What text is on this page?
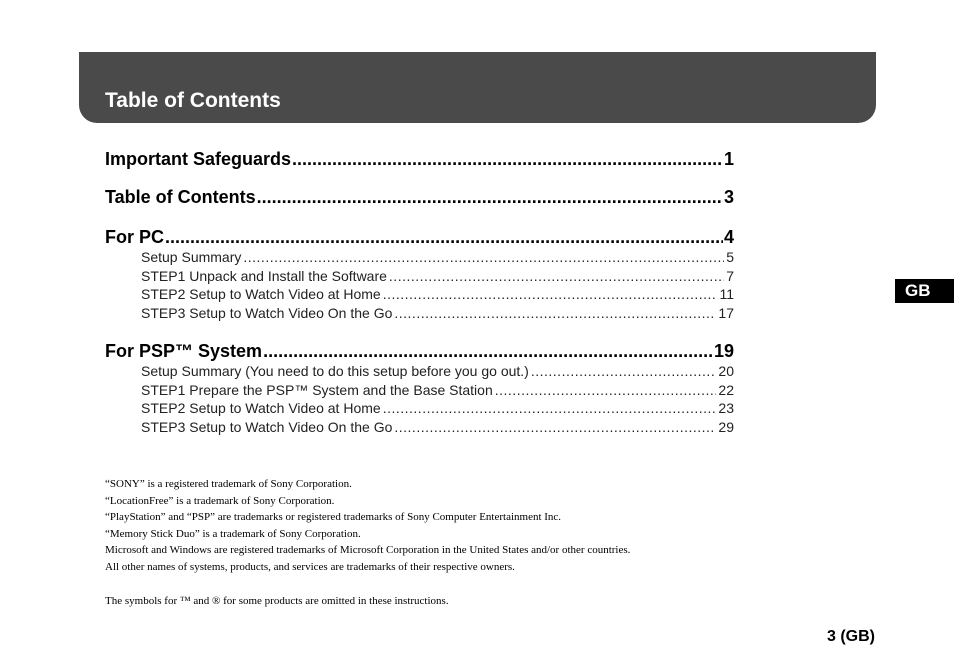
Table of Contents
Important Safeguards .....	1
Table of Contents .....	3
For PC .....	4
Setup Summary .....	5
STEP1 Unpack and Install the Software .....	7
STEP2 Setup to Watch Video at Home .....	11
STEP3 Setup to Watch Video On the Go .....	17
For PSP™ System .....	19
Setup Summary (You need to do this setup before you go out.) .....	20
STEP1 Prepare the PSP™ System and the Base Station .....	22
STEP2 Setup to Watch Video at Home .....	23
STEP3 Setup to Watch Video On the Go .....	29
GB

“SONY” is a registered trademark of Sony Corporation.

“LocationFree” is a trademark of Sony Corporation.

“PlayStation” and “PSP” are trademarks or registered trademarks of Sony Computer Entertainment Inc.

“Memory Stick Duo” is a trademark of Sony Corporation.

Microsoft and Windows are registered trademarks of Microsoft Corporation in the United States and/or other countries.

All other names of systems, products, and services are trademarks of their respective owners.

The symbols for ™ and ® for some products are omitted in these instructions.

3 (GB)
